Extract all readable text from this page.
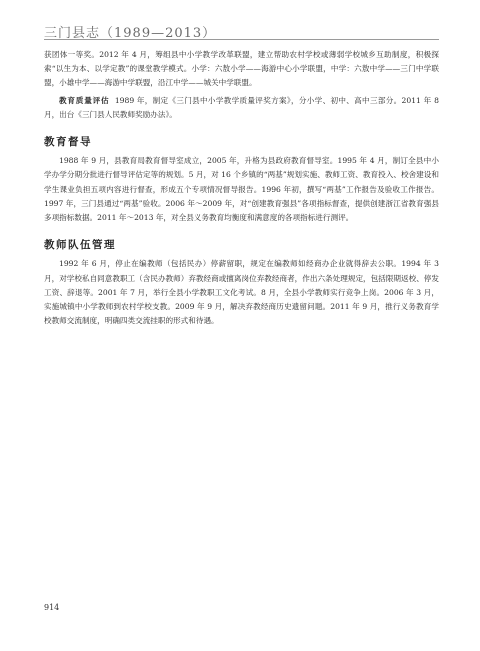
三门县志（1989—2013）

获团体一等奖。2012 年 4 月，筹组县中小学教学改革联盟，建立帮助农村学校或薄弱学校城乡互助制度，积极探索“以生为本、以学定教”的课堂教学模式。小学：六敖小学——海游中心小学联盟，中学：六敖中学——三门中学联盟，小雄中学——海游中学联盟，沿江中学——城关中学联盟。

教育质量评估 1989 年，制定《三门县中小学教学质量评奖方案》，分小学、初中、高中三部分。2011 年 8 月，出台《三门县人民教师奖励办法》。

教育督导

1988 年 9 月，县教育局教育督导室成立，2005 年，升格为县政府教育督导室。1995 年 4 月，制订全县中小学办学分期分批进行督导评估定等的规划。5 月，对 16 个乡镇的“两基”规划实施、教师工资、教育投入、校舍建设和学生课业负担五项内容进行督查，形成五个专项情况督导报告。1996 年初，撰写“两基”工作报告及验收工作报告。1997 年，三门县通过“两基”验收。2006 年～2009 年，对“创建教育强县”各项指标督查，提供创建浙江省教育强县多项指标数据。2011 年～2013 年，对全县义务教育均衡度和满意度的各项指标进行测评。

教师队伍管理

1992 年 6 月，停止在编教师（包括民办）停薪留职，规定在编教师如经商办企业就得辞去公职。1994 年 3 月，对学校私自同意教职工（含民办教师）弃教经商或擅离岗位弃教经商者，作出六条处理规定，包括限期返校、停发工资、辞退等。2001 年 7 月，举行全县小学教职工文化考试。8 月，全县小学教师实行竞争上岗。2006 年 3 月，实施城镇中小学教师到农村学校支教。2009 年 9 月，解决弃教经商历史遗留问题。2011 年 9 月，推行义务教育学校教师交流制度，明确四类交流挂职的形式和待遇。

914
